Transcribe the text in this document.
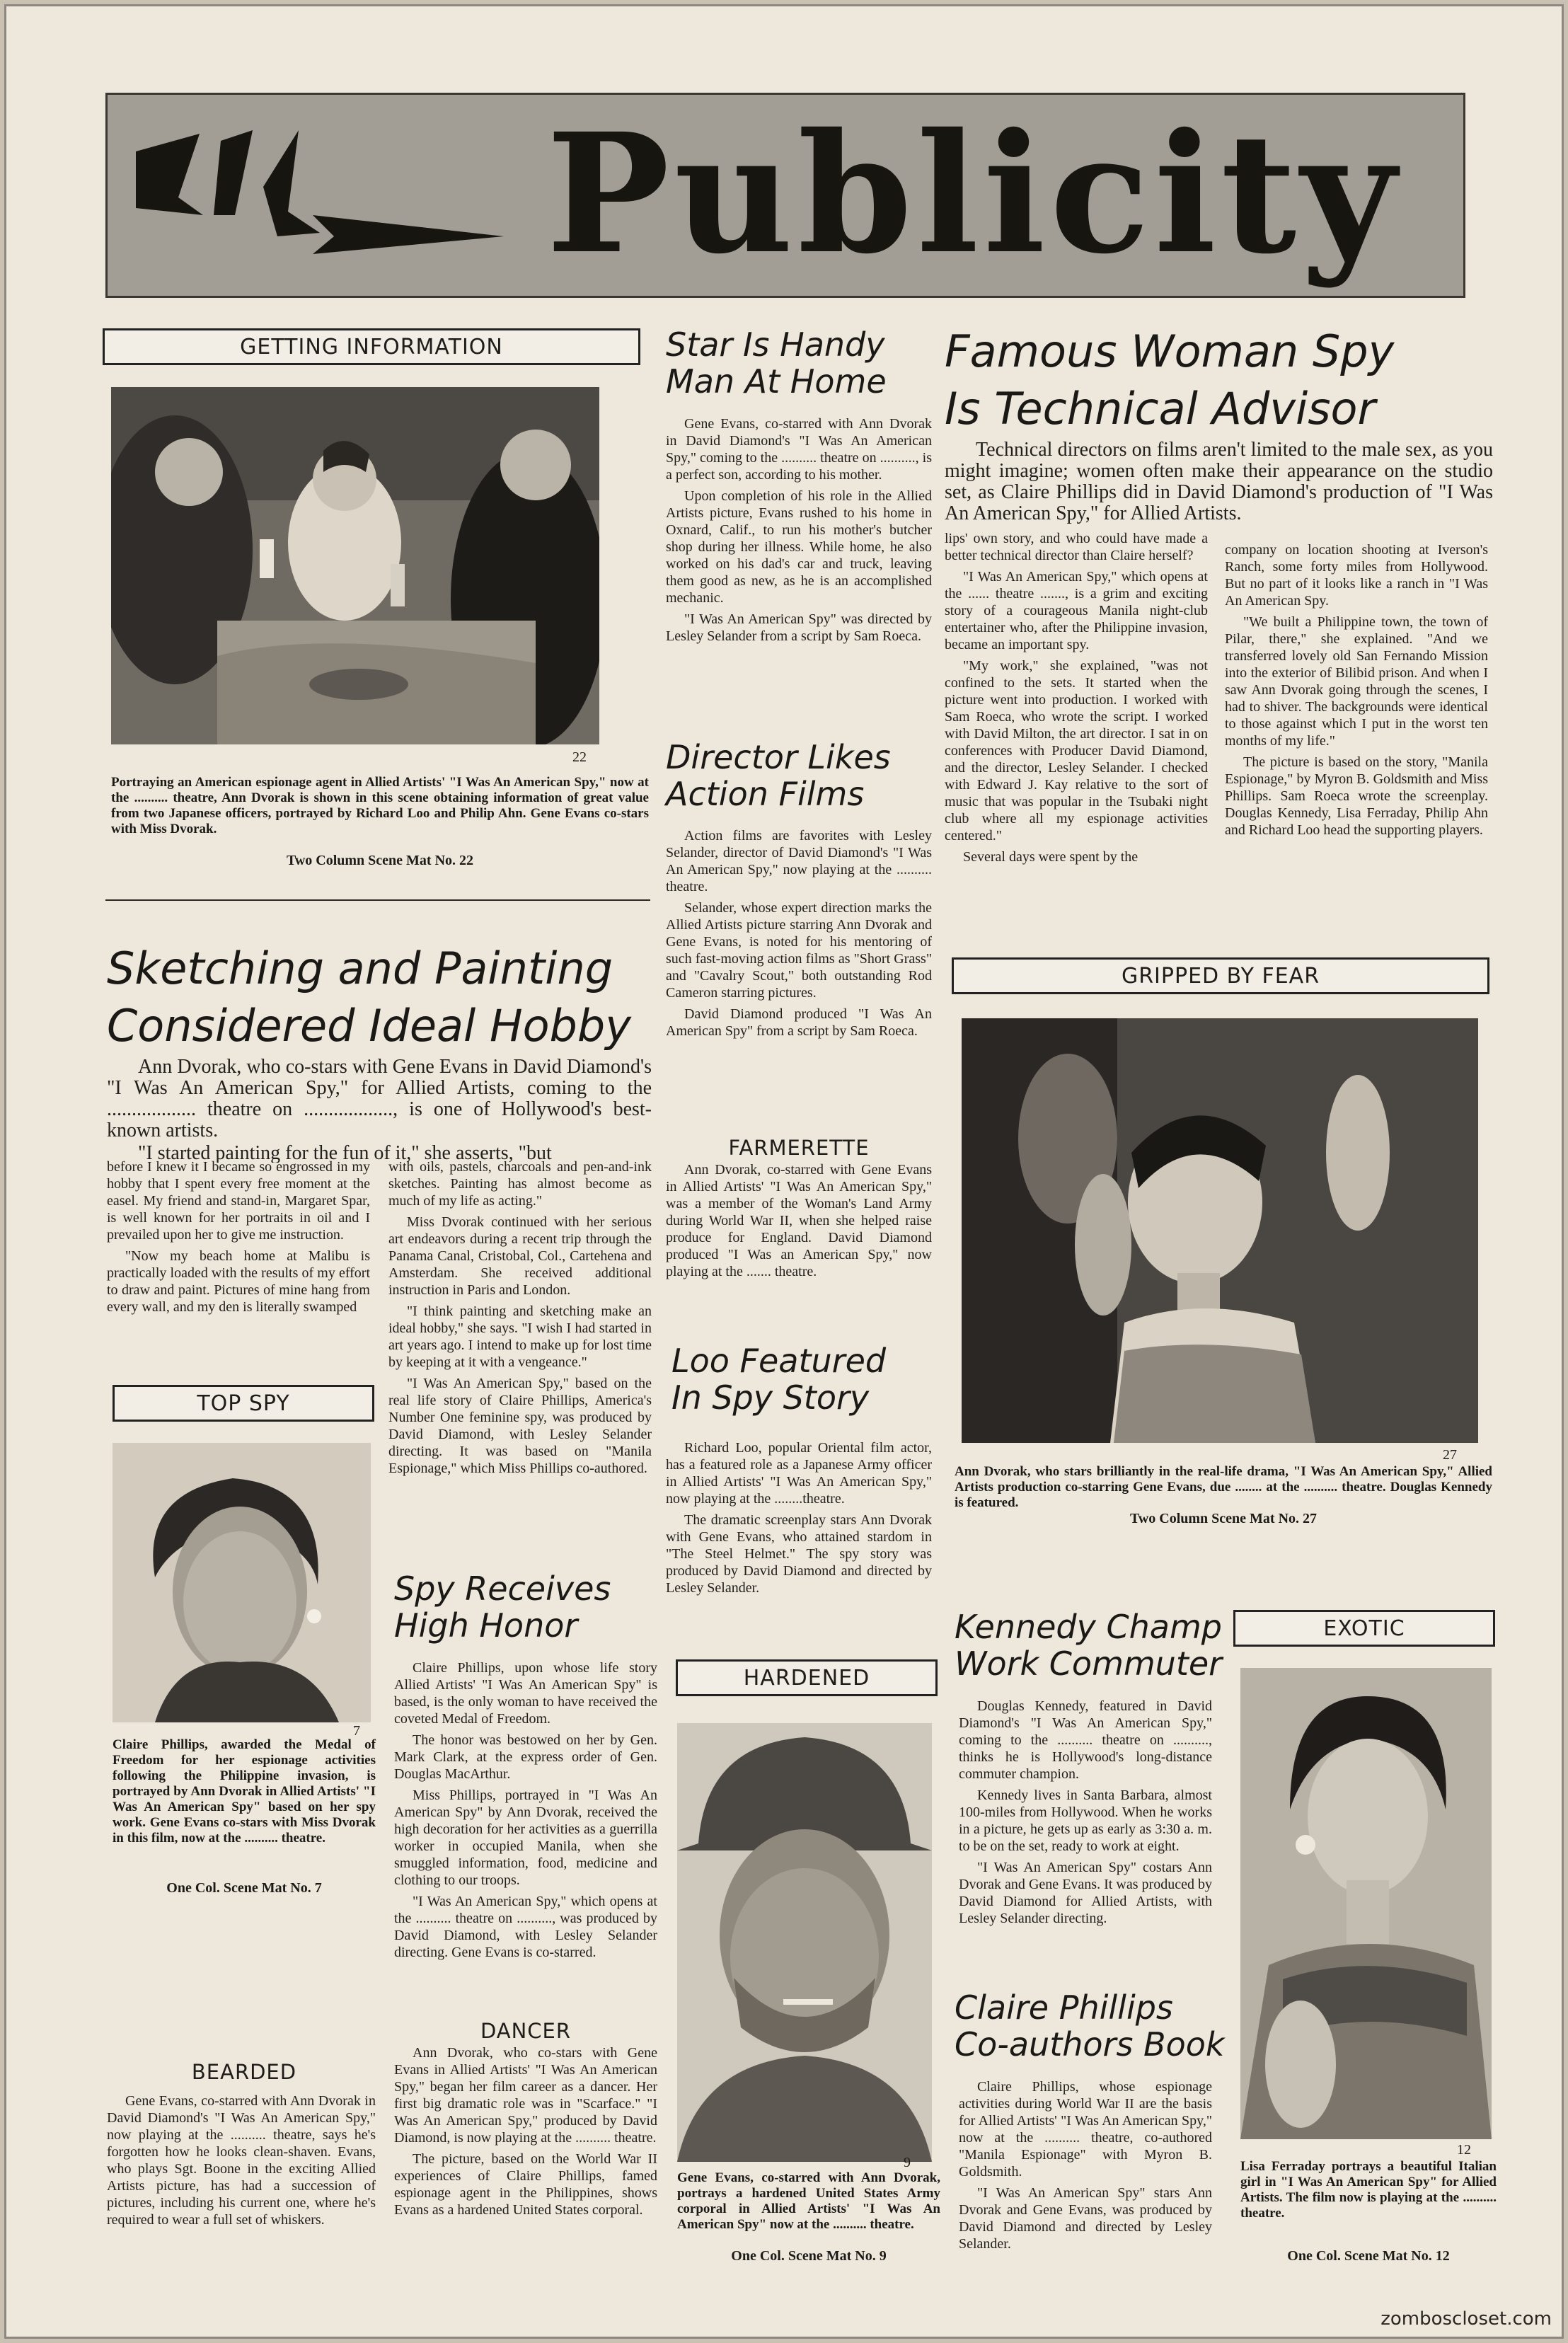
Publicity
GETTING INFORMATION
22
Portraying an American espionage agent in Allied Artists' "I Was An American Spy," now at the .......... theatre, Ann Dvorak is shown in this scene obtaining information of great value from two Japanese officers, portrayed by Richard Loo and Philip Ahn. Gene Evans co-stars with Miss Dvorak.
Two Column Scene Mat No. 22
Star Is Handy
Man At Home

Gene Evans, co-starred with Ann Dvorak in David Diamond's "I Was An American Spy," coming to the .......... theatre on .........., is a perfect son, according to his mother.

Upon completion of his role in the Allied Artists picture, Evans rushed to his home in Oxnard, Calif., to run his mother's butcher shop during her illness. While home, he also worked on his dad's car and truck, leaving them good as new, as he is an accomplished mechanic.

"I Was An American Spy" was directed by Lesley Selander from a script by Sam Roeca.

Director Likes
Action Films

Action films are favorites with Lesley Selander, director of David Diamond's "I Was An American Spy," now playing at the .......... theatre.

Selander, whose expert direction marks the Allied Artists picture starring Ann Dvorak and Gene Evans, is noted for his mentoring of such fast-moving action films as "Short Grass" and "Cavalry Scout," both outstanding Rod Cameron starring pictures.

David Diamond produced "I Was An American Spy" from a script by Sam Roeca.

FARMERETTE

Ann Dvorak, co-starred with Gene Evans in Allied Artists' "I Was An American Spy," was a member of the Woman's Land Army during World War II, when she helped raise produce for England. David Diamond produced "I Was an American Spy," now playing at the ....... theatre.

Loo Featured
In Spy Story

Richard Loo, popular Oriental film actor, has a featured role as a Japanese Army officer in Allied Artists' "I Was An American Spy," now playing at the ........theatre.

The dramatic screenplay stars Ann Dvorak with Gene Evans, who attained stardom in "The Steel Helmet." The spy story was produced by David Diamond and directed by Lesley Selander.

Famous Woman Spy
Is Technical Advisor

Technical directors on films aren't limited to the male sex, as you might imagine; women often make their appearance on the studio set, as Claire Phillips did in David Diamond's production of "I Was An American Spy," for Allied Artists.

lips' own story, and who could have made a better technical director than Claire herself?

"I Was An American Spy," which opens at the ...... theatre ......., is a grim and exciting story of a courageous Manila night-club entertainer who, after the Philippine invasion, became an important spy.

"My work," she explained, "was not confined to the sets. It started when the picture went into production. I worked with Sam Roeca, who wrote the script. I worked with David Milton, the art director. I sat in on conferences with Producer David Diamond, and the director, Lesley Selander. I checked with Edward J. Kay relative to the sort of music that was popular in the Tsubaki night club where all my espionage activities centered."

Several days were spent by the

company on location shooting at Iverson's Ranch, some forty miles from Hollywood. But no part of it looks like a ranch in "I Was An American Spy.

"We built a Philippine town, the town of Pilar, there," she explained. "And we transferred lovely old San Fernando Mission into the exterior of Bilibid prison. And when I saw Ann Dvorak going through the scenes, I had to shiver. The backgrounds were identical to those against which I put in the worst ten months of my life."

The picture is based on the story, "Manila Espionage," by Myron B. Goldsmith and Miss Phillips. Sam Roeca wrote the screenplay. Douglas Kennedy, Lisa Ferraday, Philip Ahn and Richard Loo head the supporting players.

GRIPPED BY FEAR
27
Ann Dvorak, who stars brilliantly in the real-life drama, "I Was An American Spy," Allied Artists production co-starring Gene Evans, due ........ at the .......... theatre. Douglas Kennedy is featured.
Two Column Scene Mat No. 27
Sketching and Painting
Considered Ideal Hobby

Ann Dvorak, who co-stars with Gene Evans in David Diamond's "I Was An American Spy," for Allied Artists, coming to the .................. theatre on .................., is one of Hollywood's best-known artists.

"I started painting for the fun of it," she asserts, "but

before I knew it I became so engrossed in my hobby that I spent every free moment at the easel. My friend and stand-in, Margaret Spar, is well known for her portraits in oil and I prevailed upon her to give me instruction.

"Now my beach home at Malibu is practically loaded with the results of my effort to draw and paint. Pictures of mine hang from every wall, and my den is literally swamped

with oils, pastels, charcoals and pen-and-ink sketches. Painting has almost become as much of my life as acting."

Miss Dvorak continued with her serious art endeavors during a recent trip through the Panama Canal, Cristobal, Col., Cartehena and Amsterdam. She received additional instruction in Paris and London.

"I think painting and sketching make an ideal hobby," she says. "I wish I had started in art years ago. I intend to make up for lost time by keeping at it with a vengeance."

"I Was An American Spy," based on the real life story of Claire Phillips, America's Number One feminine spy, was produced by David Diamond, with Lesley Selander directing. It was based on "Manila Espionage," which Miss Phillips co-authored.

TOP SPY
7
Claire Phillips, awarded the Medal of Freedom for her espionage activities following the Philippine invasion, is portrayed by Ann Dvorak in Allied Artists' "I Was An American Spy" based on her spy work. Gene Evans co-stars with Miss Dvorak in this film, now at the .......... theatre.
One Col. Scene Mat No. 7
BEARDED

Gene Evans, co-starred with Ann Dvorak in David Diamond's "I Was An American Spy," now playing at the .......... theatre, says he's forgotten how he looks clean-shaven. Evans, who plays Sgt. Boone in the exciting Allied Artists picture, has had a succession of pictures, including his current one, where he's required to wear a full set of whiskers.

Spy Receives
High Honor

Claire Phillips, upon whose life story Allied Artists' "I Was An American Spy" is based, is the only woman to have received the coveted Medal of Freedom.

The honor was bestowed on her by Gen. Mark Clark, at the express order of Gen. Douglas MacArthur.

Miss Phillips, portrayed in "I Was An American Spy" by Ann Dvorak, received the high decoration for her activities as a guerrilla worker in occupied Manila, when she smuggled information, food, medicine and clothing to our troops.

"I Was An American Spy," which opens at the .......... theatre on .........., was produced by David Diamond, with Lesley Selander directing. Gene Evans is co-starred.

DANCER

Ann Dvorak, who co-stars with Gene Evans in Allied Artists' "I Was An American Spy," began her film career as a dancer. Her first big dramatic role was in "Scarface." "I Was An American Spy," produced by David Diamond, is now playing at the .......... theatre.

The picture, based on the World War II experiences of Claire Phillips, famed espionage agent in the Philippines, shows Evans as a hardened United States corporal.

HARDENED
9
Gene Evans, co-starred with Ann Dvorak, portrays a hardened United States Army corporal in Allied Artists' "I Was An American Spy" now at the .......... theatre.
One Col. Scene Mat No. 9
Kennedy Champ
Work Commuter

Douglas Kennedy, featured in David Diamond's "I Was An American Spy," coming to the .......... theatre on .........., thinks he is Hollywood's long-distance commuter champion.

Kennedy lives in Santa Barbara, almost 100-miles from Hollywood. When he works in a picture, he gets up as early as 3:30 a. m. to be on the set, ready to work at eight.

"I Was An American Spy" costars Ann Dvorak and Gene Evans. It was produced by David Diamond for Allied Artists, with Lesley Selander directing.

Claire Phillips
Co-authors Book

Claire Phillips, whose espionage activities during World War II are the basis for Allied Artists' "I Was An American Spy," now at the .......... theatre, co-authored "Manila Espionage" with Myron B. Goldsmith.

"I Was An American Spy" stars Ann Dvorak and Gene Evans, was produced by David Diamond and directed by Lesley Selander.

EXOTIC
12
Lisa Ferraday portrays a beautiful Italian girl in "I Was An American Spy" for Allied Artists. The film now is playing at the .......... theatre.
One Col. Scene Mat No. 12
zomboscloset.com
